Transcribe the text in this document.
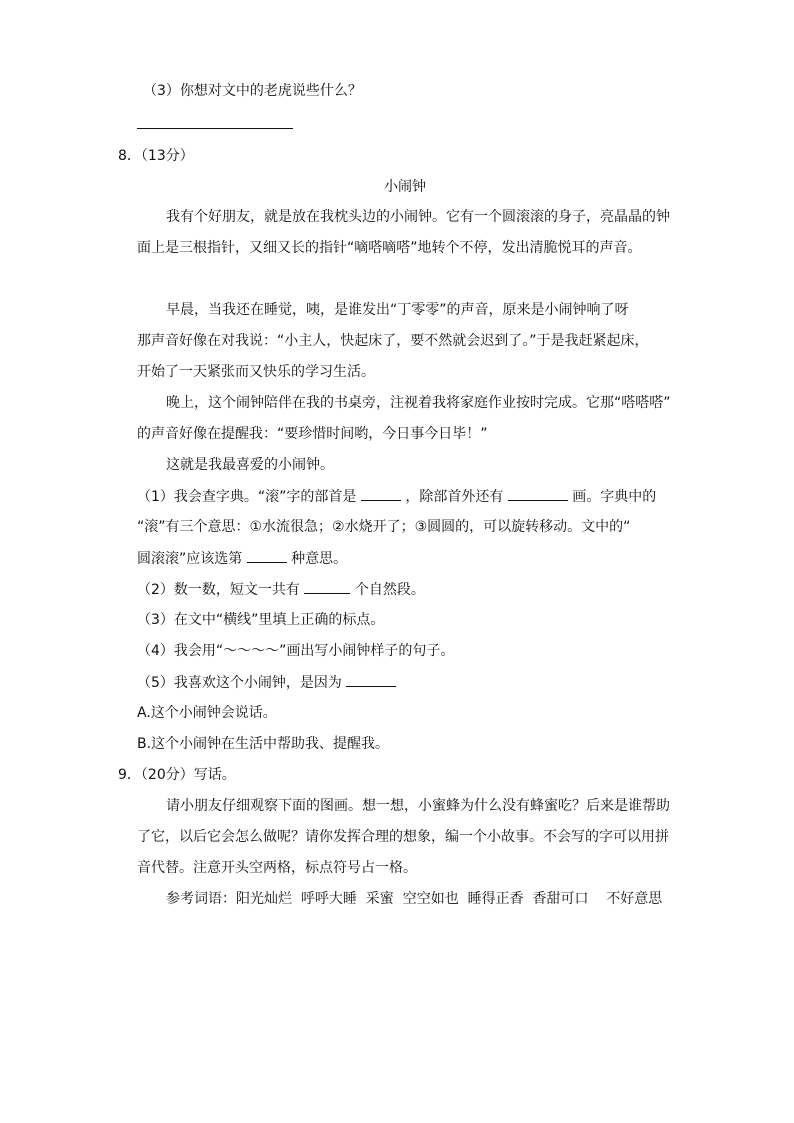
（3）你想对文中的老虎说些什么？
8．（13分）
小闹钟
我有个好朋友，就是放在我枕头边的小闹钟。它有一个圆滚滚的身子，亮晶晶的钟
面上是三根指针，又细又长的指针“嘀嗒嘀嗒”地转个不停，发出清脆悦耳的声音。
早晨，当我还在睡觉，咦，是谁发出“丁零零”的声音，原来是小闹钟响了呀
那声音好像在对我说：“小主人，快起床了，要不然就会迟到了。”于是我赶紧起床，
开始了一天紧张而又快乐的学习生活。
晚上，这个闹钟陪伴在我的书桌旁，注视着我将家庭作业按时完成。它那“嗒嗒嗒”
的声音好像在提醒我：“要珍惜时间哟，今日事今日毕！”
这就是我最喜爱的小闹钟。
（1）我会查字典。“滚”字的部首是	，除部首外还有	画。字典中的
“滚”有三个意思：①水流很急；②水烧开了；③圆圆的，可以旋转移动。文中的“
圆滚滚”应该选第	种意思。
（2）数一数，短文一共有	个自然段。
（3）在文中“横线”里填上正确的标点。
（4）我会用“～～～～”画出写小闹钟样子的句子。
（5）我喜欢这个小闹钟，是因为
A.这个小闹钟会说话。
B.这个小闹钟在生活中帮助我、提醒我。
9．（20分）写话。
请小朋友仔细观察下面的图画。想一想，小蜜蜂为什么没有蜂蜜吃？后来是谁帮助
了它，以后它会怎么做呢？请你发挥合理的想象，编一个小故事。不会写的字可以用拼
音代替。注意开头空两格，标点符号占一格。
参考词语：阳光灿烂  呼呼大睡  采蜜  空空如也  睡得正香  香甜可口    不好意思
